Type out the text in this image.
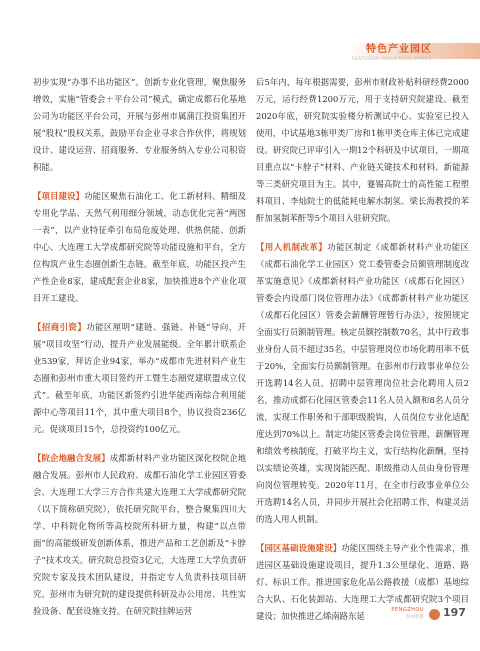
特色产业园区
FEATURED INDUSTRIAL PARKS

初步实现“办事不出功能区”。创新专业化管理，聚焦服务增效，实施“管委会＋平台公司”模式，确定成都石化基地公司为功能区平台公司，开展与彭州市属蒲江投资集团开展“股权”股权关系，鼓励平台企业寻求合作伙伴，将规划设计、建设运营、招商服务、专业服务纳入专业公司积资积能。

【项目建设】功能区聚焦石油化工、化工新材料、精细及专用化学品、天然气利用细分领域，动态优化完善“两图一表”，以产业特征牵引布局危废处理、供热供能、创新中心、大连理工大学成都研究院等功能设施和平台，全方位构筑产业生态圈创新生态链。截至年底，功能区投产生产性企业8家，建成配套企业8家，加快推进8个产业化项目开工建设。

【招商引资】功能区厘明“建链、强链、补链”导向，开展“项目攻坚”行动，提升产业发展能级。全年累计联系企业539家，拜访企业94家，举办“成都市先进材料产业生态圈和彭州市重大项目签约开工暨生态圈党建联盟成立仪式”。截至年底，功能区新签约引进华能西南综合利用能源中心等项目11个，其中重大项目8个，协议投资236亿元。促谈项目15个，总投资约100亿元。

【院企地融合发展】成都新材料产业功能区深化校院企地融合发展。彭州市人民政府、成都石油化学工业园区管委会、大连理工大学三方合作共建大连理工大学成都研究院（以下简称研究院），依托研究院平台，整合聚集四川大学、中科院化物所等高校院所科研力量，构建“以点带面”的高能级研发创新体系，推进产品和工艺创新及“卡脖子”技术攻关。研究院总投资3亿元，大连理工大学负责研究院专家及技术团队建设，并指定专人负责科技项目研究。彭州市为研究院的建设提供科研及办公用房、共性实验设备、配套设施支持。在研究院挂牌运营

后5年内，每年根据需要，彭州市财政补贴科研经费2000万元，运行经费1200万元，用于支持研究院建设。截至2020年底，研究院实验楼分析测试中心、实验室已投入使用，中试基地3栋甲类厂房和1栋甲类仓库主体已完成建设。研究院已评审引入一期12个科研及中试项目，一期项目重点以“卡脖子”材料、产业链关键技术和材料、新能源等三类研究项目为主。其中，蹇锡高院士的高性能工程塑料项目、李灿院士的低能耗电解水制氢、梁长海教授的苯酐加氢制苯酐等5个项目入驻研究院。

【用人机制改革】功能区制定《成都新材料产业功能区（成都石油化学工业园区）党工委管委会员额管理制度改革实施意见》《成都新材料产业功能区（成都石化园区）管委会内设部门岗位管理办法》《成都新材料产业功能区（成都石化园区）管委会薪酬管理暂行办法》，按照规定全面实行员额制管理。核定员额控制数70名，其中行政事业身份人员不超过35名，中层管理岗位市场化聘用率不低于20%，全面实行员额制管理。在彭州市行政事业单位公开选聘14名人员，招聘中层管理岗位社会化聘用人员2名，推动成都石化园区管委会11名人员入额和8名人员分流，实现工作职务和干部职级脱钩，人员岗位专业化适配度达到70%以上。制定功能区管委会岗位管理、薪酬管理和绩效考核制度，打破平均主义，实行结构化薪酬，坚持以实绩论英雄，实现岗能匹配、职级推动人员由身份管理向岗位管理转变。2020年11月，在全市行政事业单位公开选聘14名人员，并同步开展社会化招聘工作，构建灵活的选人用人机制。

【园区基础设施建设】功能区围绕主导产业个性需求，推进园区基础设施建设项目，提升1.3公里绿化、道路、路灯、标识工作。推进国家危化品公路救援（成都）基地综合大队、石化装卸站、大连理工大学成都研究院3个项目建设；加快推进乙烯南路东延

PENGZHOU
彭州年鉴 197
